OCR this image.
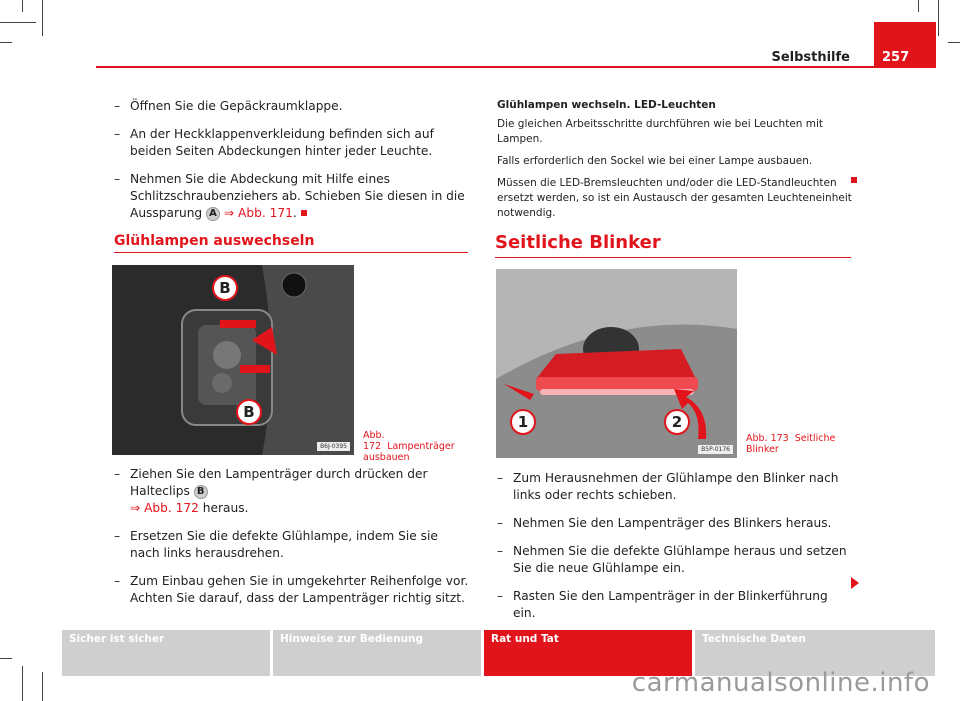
Selbsthilfe	257
– Öffnen Sie die Gepäckraumklappe.
– An der Heckklappenverkleidung befinden sich auf beiden Seiten Abdeckungen hinter jeder Leuchte.
– Nehmen Sie die Abdeckung mit Hilfe eines Schlitzschraubenziehers ab. Schieben Sie diesen in die Aussparung A ⇒ Abb. 171.
Glühlampen auswechseln
B
B
B6J-0395
Abb. 172 Lampenträger ausbauen
– Ziehen Sie den Lampenträger durch drücken der Halteclips B
⇒ Abb. 172 heraus.
– Ersetzen Sie die defekte Glühlampe, indem Sie sie nach links herausdrehen.
– Zum Einbau gehen Sie in umgekehrter Reihenfolge vor. Achten Sie darauf, dass der Lampenträger richtig sitzt.

Glühlampen wechseln. LED-Leuchten

Die gleichen Arbeitsschritte durchführen wie bei Leuchten mit Lampen.

Falls erforderlich den Sockel wie bei einer Lampe ausbauen.

Müssen die LED-Bremsleuchten und/oder die LED-Standleuchten ersetzt werden, so ist ein Austausch der gesamten Leuchteneinheit notwendig.

Seitliche Blinker
1	2
B5P-0176
Abb. 173 Seitliche Blinker
– Zum Herausnehmen der Glühlampe den Blinker nach links oder rechts schieben.
– Nehmen Sie den Lampenträger des Blinkers heraus.
– Nehmen Sie die defekte Glühlampe heraus und setzen Sie die neue Glühlampe ein.
– Rasten Sie den Lampenträger in der Blinkerführung ein.
Sicher ist sicher	Hinweise zur Bedienung	Rat und Tat	Technische Daten
carmanualsonline.info
